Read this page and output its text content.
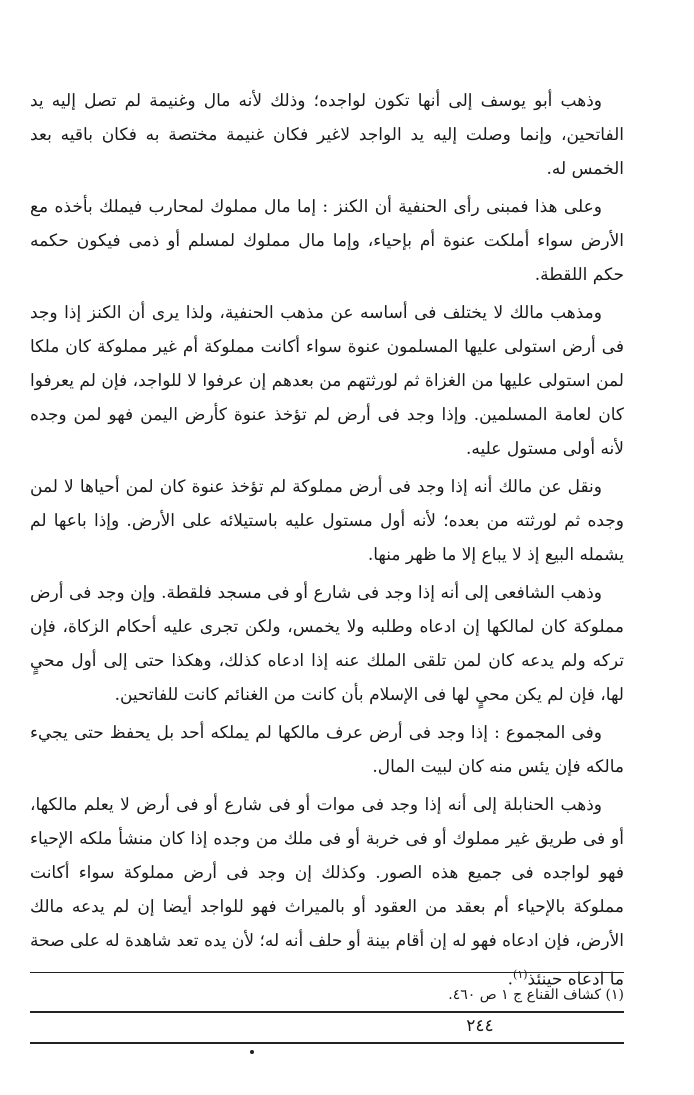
وذهب أبو يوسف إلى أنها تكون لواجده؛ وذلك لأنه مال وغنيمة لم تصل إليه يد الفاتحين، وإنما وصلت إليه يد الواجد لاغير فكان غنيمة مختصة به فكان باقيه بعد الخمس له.

وعلى هذا فمبنى رأى الحنفية أن الكنز : إما مال مملوك لمحارب فيملك بأخذه مع الأرض سواء أملكت عنوة أم بإحياء، وإما مال مملوك لمسلم أو ذمى فيكون حكمه حكم اللقطة.

ومذهب مالك لا يختلف فى أساسه عن مذهب الحنفية، ولذا يرى أن الكنز إذا وجد فى أرض استولى عليها المسلمون عنوة سواء أكانت مملوكة أم غير مملوكة كان ملكا لمن استولى عليها من الغزاة ثم لورثتهم من بعدهم إن عرفوا لا للواجد، فإن لم يعرفوا كان لعامة المسلمين. وإذا وجد فى أرض لم تؤخذ عنوة كأرض اليمن فهو لمن وجده لأنه أولى مستول عليه.

ونقل عن مالك أنه إذا وجد فى أرض مملوكة لم تؤخذ عنوة كان لمن أحياها لا لمن وجده ثم لورثته من بعده؛ لأنه أول مستول عليه باستيلائه على الأرض. وإذا باعها لم يشمله البيع إذ لا يباع إلا ما ظهر منها.

وذهب الشافعى إلى أنه إذا وجد فى شارع أو فى مسجد فلقطة. وإن وجد فى أرض مملوكة كان لمالكها إن ادعاه وطلبه ولا يخمس، ولكن تجرى عليه أحكام الزكاة، فإن تركه ولم يدعه كان لمن تلقى الملك عنه إذا ادعاه كذلك، وهكذا حتى إلى أول محيٍ لها، فإن لم يكن محيٍ لها فى الإسلام بأن كانت من الغنائم كانت للفاتحين.

وفى المجموع : إذا وجد فى أرض عرف مالكها لم يملكه أحد بل يحفظ حتى يجيء مالكه فإن يئس منه كان لبيت المال.

وذهب الحنابلة إلى أنه إذا وجد فى موات أو فى شارع أو فى أرض لا يعلم مالكها، أو فى طريق غير مملوك أو فى خربة أو فى ملك من وجده إذا كان منشأ ملكه الإحياء فهو لواجده فى جميع هذه الصور. وكذلك إن وجد فى أرض مملوكة سواء أكانت مملوكة بالإحياء أم بعقد من العقود أو بالميراث فهو للواجد أيضا إن لم يدعه مالك الأرض، فإن ادعاه فهو له إن أقام بينة أو حلف أنه له؛ لأن يده تعد شاهدة له على صحة ما ادعاه حينئذ$^{(١)}$.

(١) كشاف القناع ج ١ ص ٤٦٠.
٢٤٤
